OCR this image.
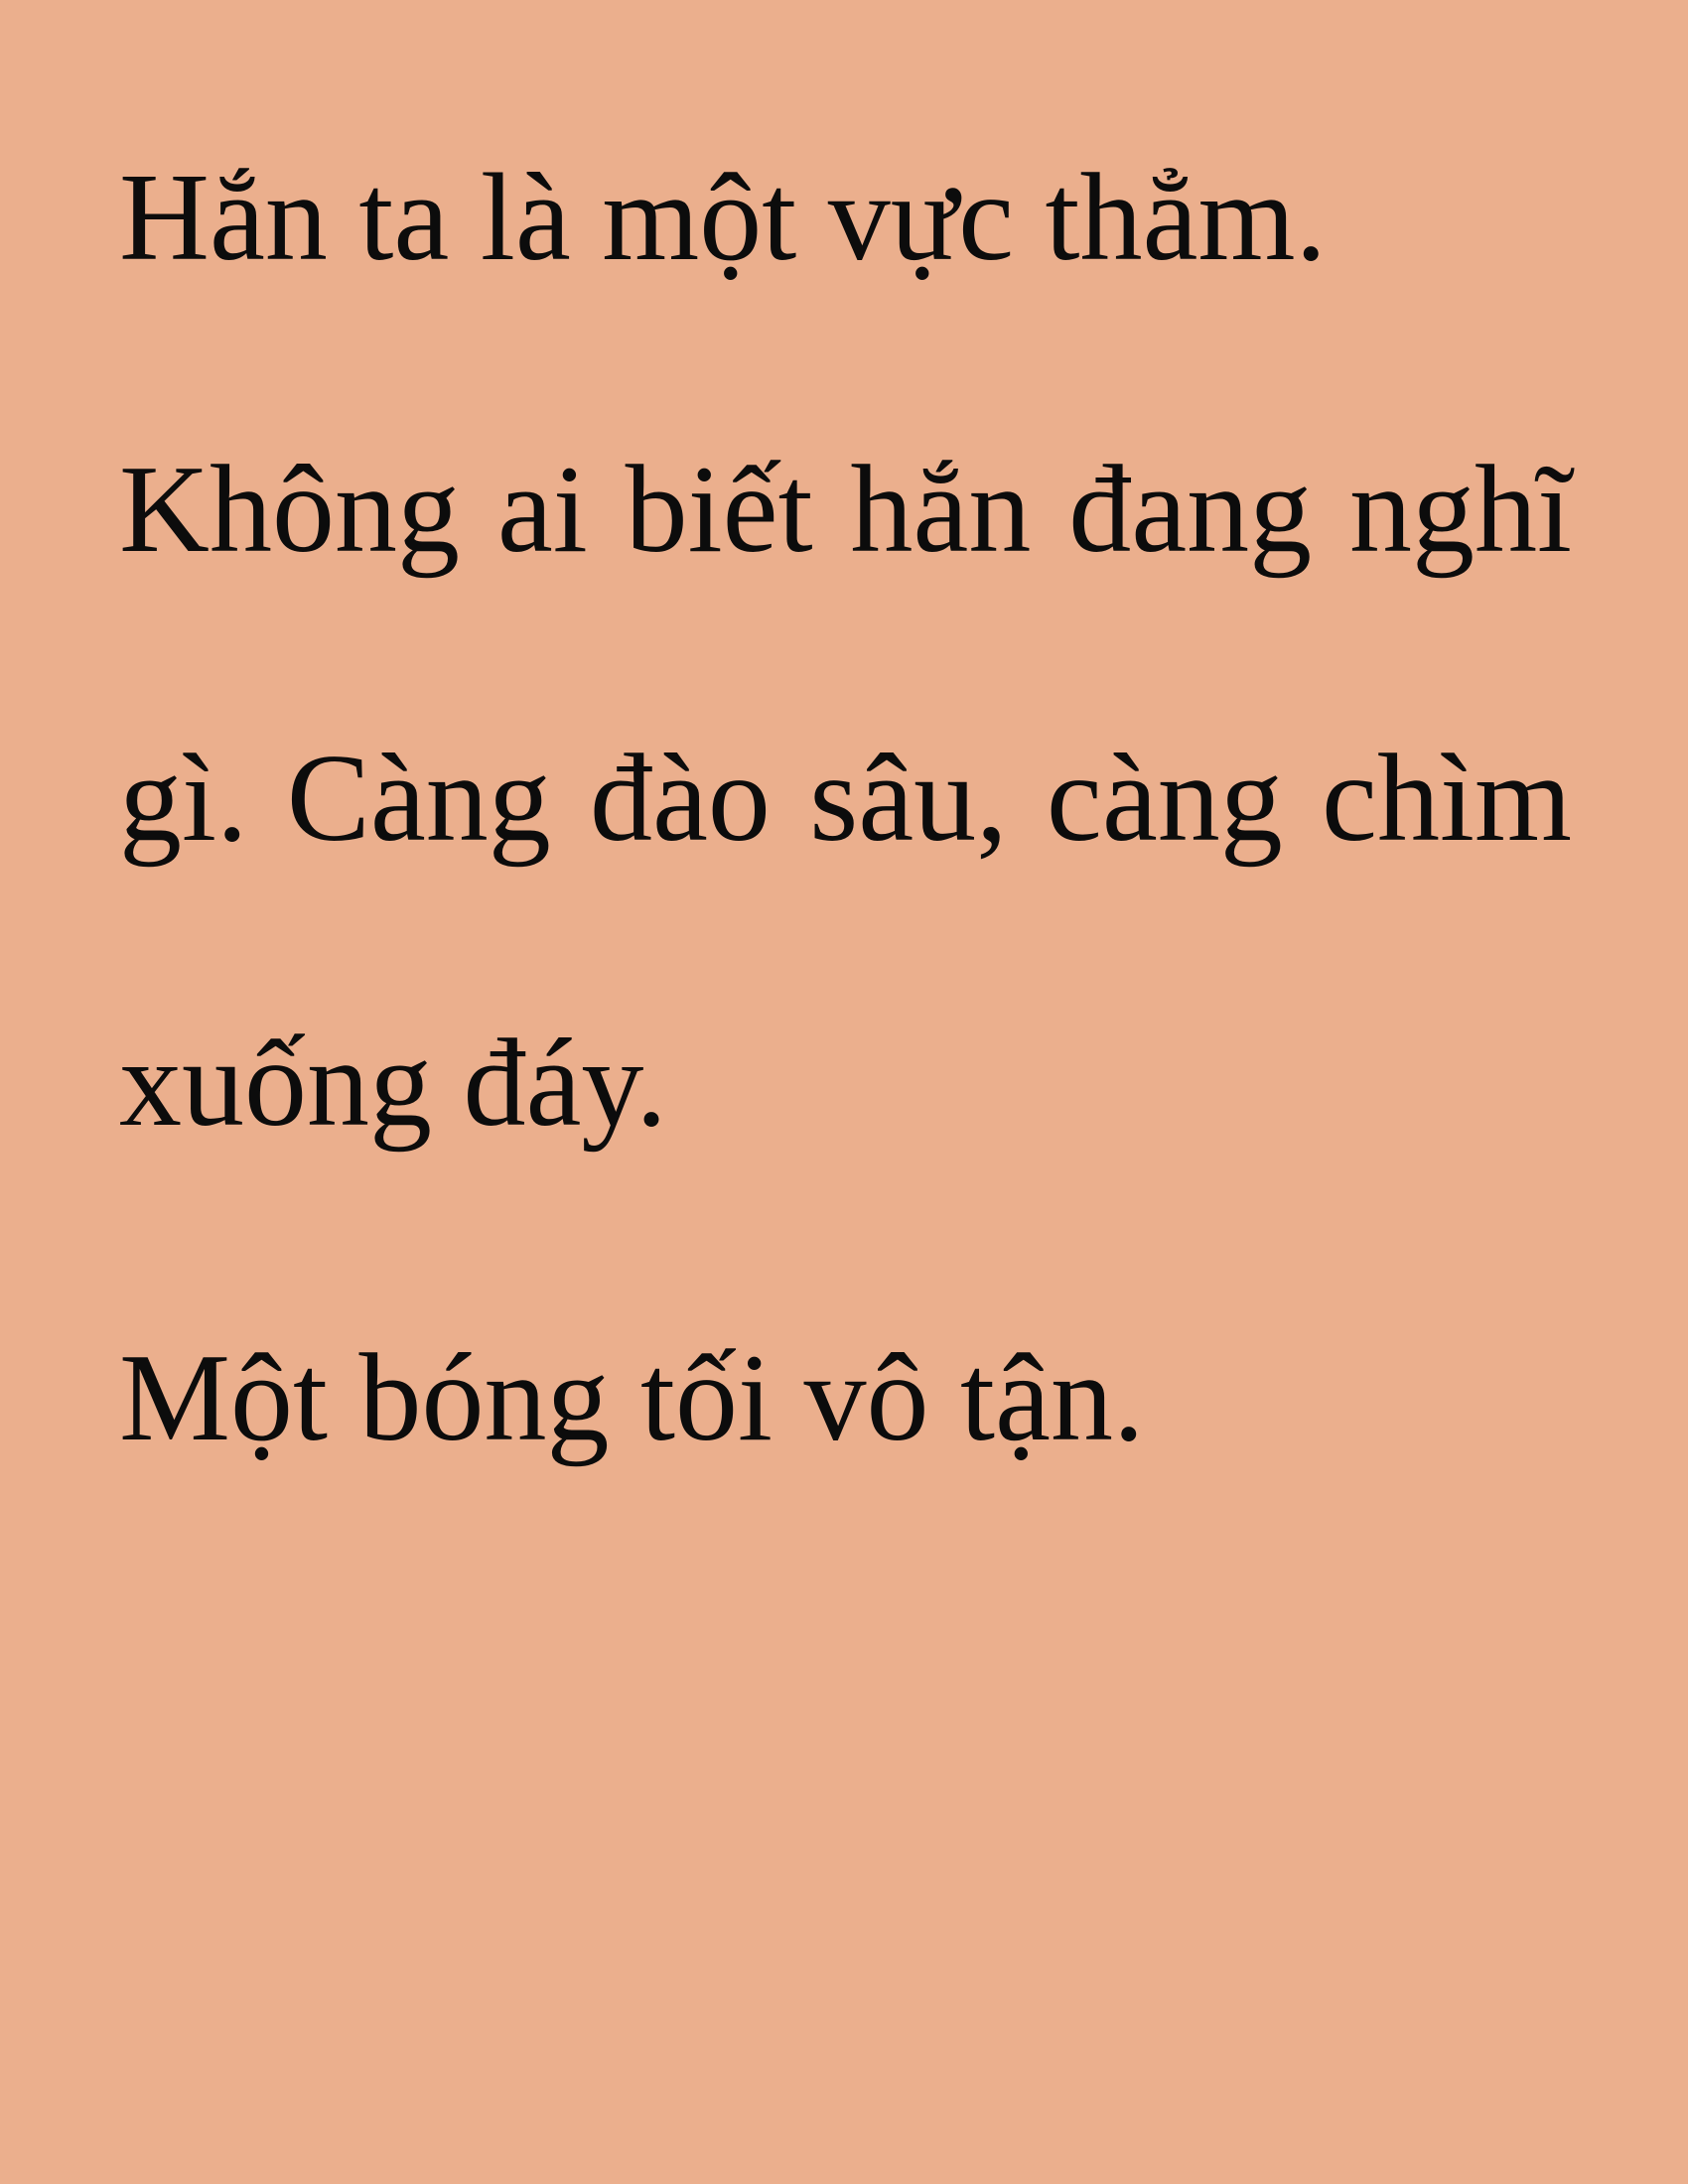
Hắn ta là một vực thẳm.
Không ai biết hắn đang nghĩ
gì. Càng đào sâu, càng chìm
xuống đáy.
Một bóng tối vô tận.
